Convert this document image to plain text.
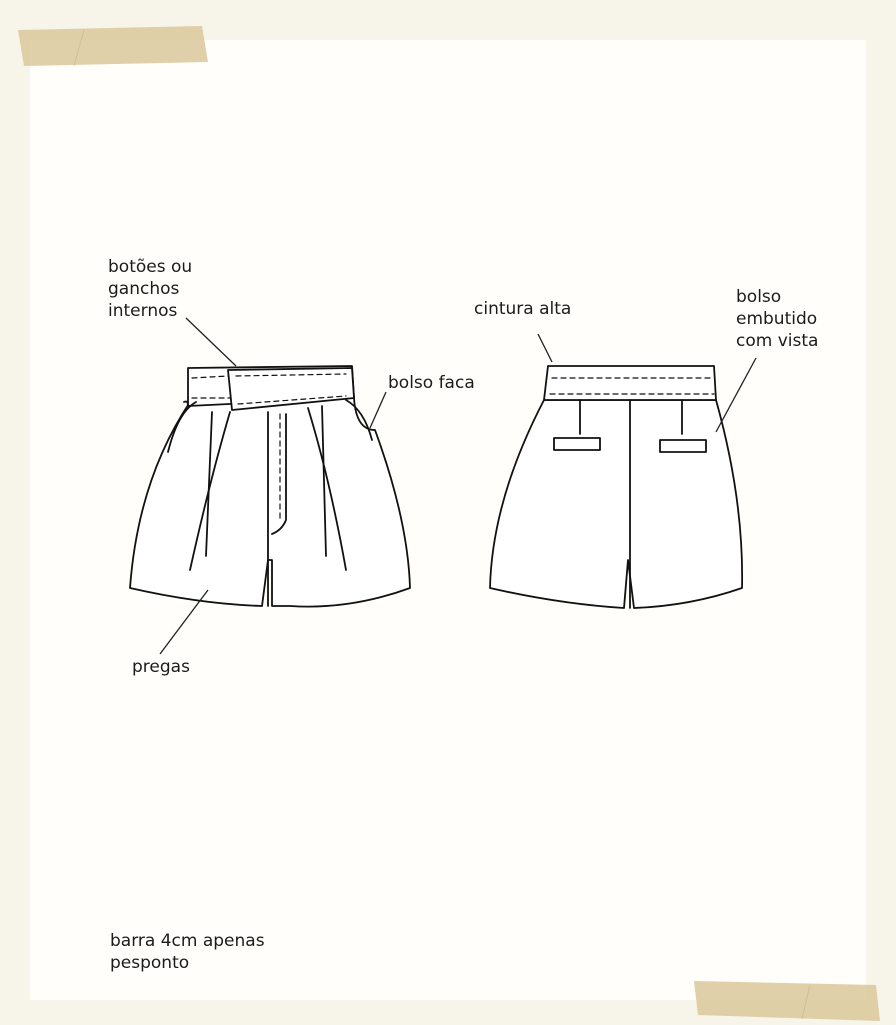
botões ou
ganchos
internos
pregas
bolso faca
cintura alta
bolso
embutido
com vista
barra 4cm apenas
pesponto
